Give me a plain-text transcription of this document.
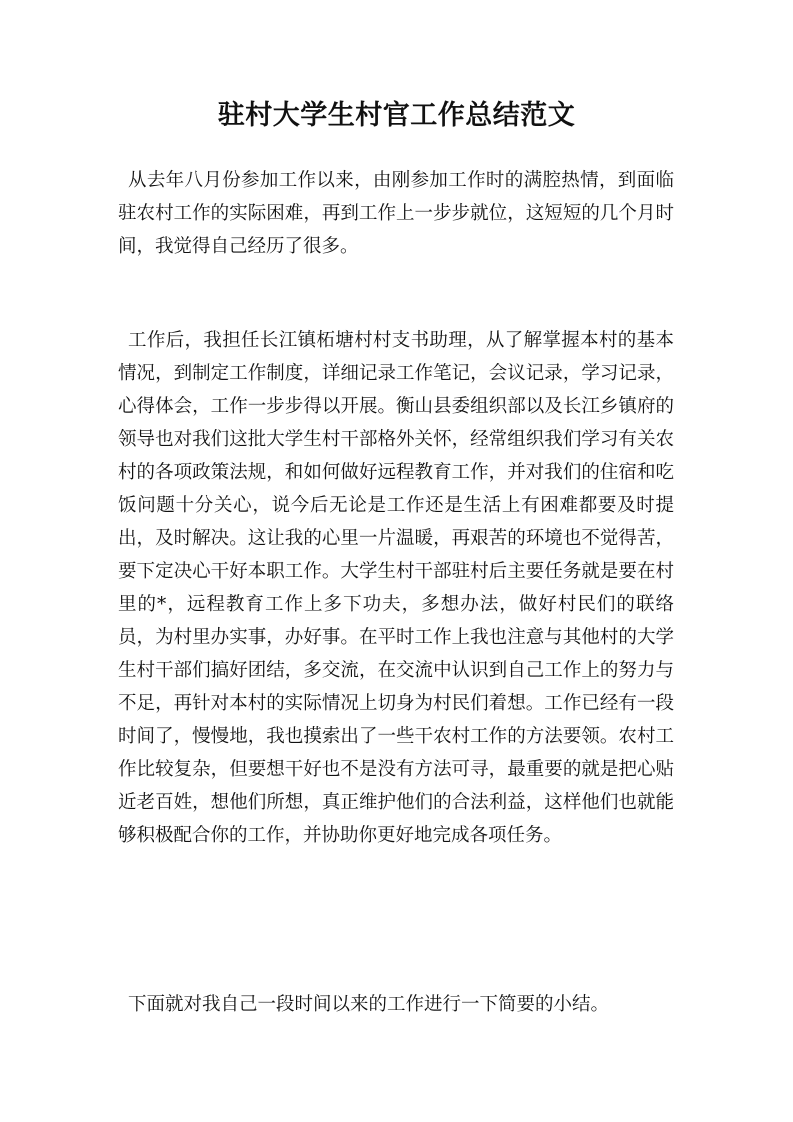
驻村大学生村官工作总结范文

从去年八月份参加工作以来，由刚参加工作时的满腔热情，到面临驻农村工作的实际困难，再到工作上一步步就位，这短短的几个月时间，我觉得自己经历了很多。

工作后，我担任长江镇柘塘村村支书助理，从了解掌握本村的基本情况，到制定工作制度，详细记录工作笔记，会议记录，学习记录，心得体会，工作一步步得以开展。衡山县委组织部以及长江乡镇府的领导也对我们这批大学生村干部格外关怀，经常组织我们学习有关农村的各项政策法规，和如何做好远程教育工作，并对我们的住宿和吃饭问题十分关心，说今后无论是工作还是生活上有困难都要及时提出，及时解决。这让我的心里一片温暖，再艰苦的环境也不觉得苦，要下定决心干好本职工作。大学生村干部驻村后主要任务就是要在村里的*，远程教育工作上多下功夫，多想办法，做好村民们的联络员，为村里办实事，办好事。在平时工作上我也注意与其他村的大学生村干部们搞好团结，多交流，在交流中认识到自己工作上的努力与不足，再针对本村的实际情况上切身为村民们着想。工作已经有一段时间了，慢慢地，我也摸索出了一些干农村工作的方法要领。农村工作比较复杂，但要想干好也不是没有方法可寻，最重要的就是把心贴近老百姓，想他们所想，真正维护他们的合法利益，这样他们也就能够积极配合你的工作，并协助你更好地完成各项任务。

下面就对我自己一段时间以来的工作进行一下简要的小结。
